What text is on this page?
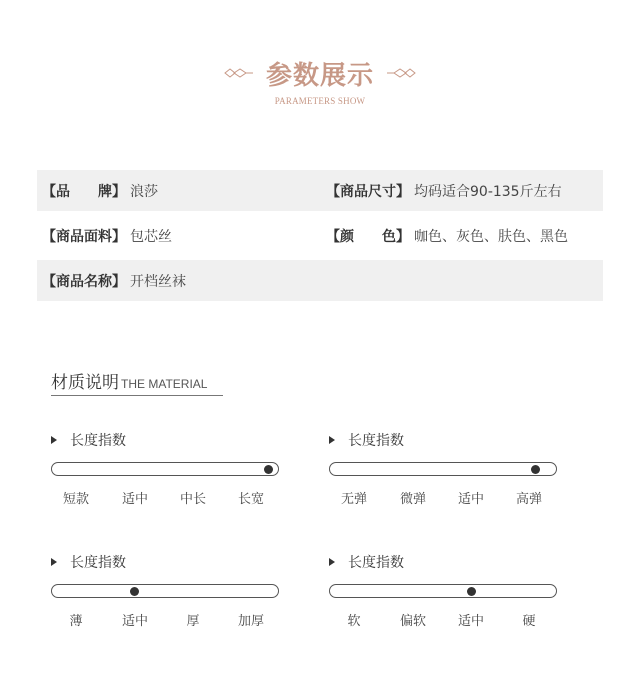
参数展示
PARAMETERS SHOW
【品　　牌】 浪莎	【商品尺寸】 均码适合90-135斤左右
【商品面料】 包芯丝	【颜　　色】 咖色、灰色、肤色、黑色
【商品名称】 开档丝袜
材质说明 THE MATERIAL
长度指数
短款	适中 中长 长宽
长度指数
无弹	微弹 适中 高弹
长度指数
薄	适中	厚	加厚
长度指数
软	偏软 适中	硬
